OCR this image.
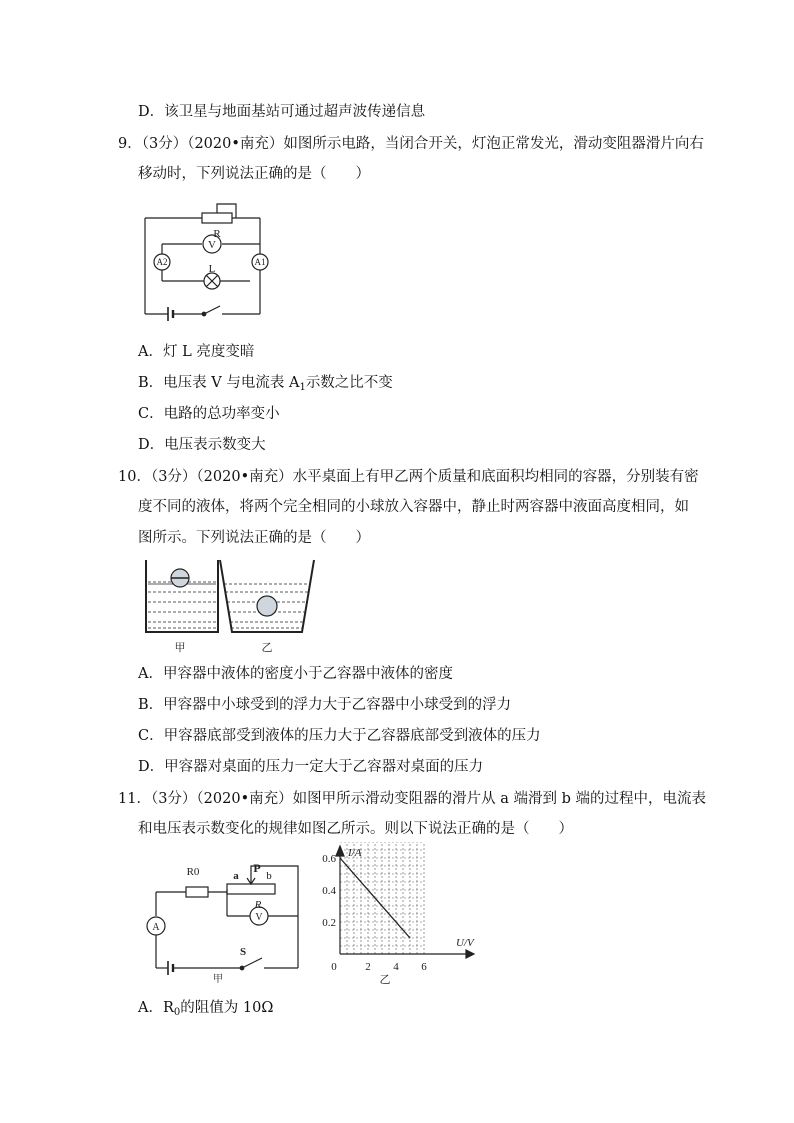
D．该卫星与地面基站可通过超声波传递信息
9．（3分）（2020•南充）如图所示电路，当闭合开关，灯泡正常发光，滑动变阻器滑片向右
移动时，下列说法正确的是（　　）
R
V
L
A2	A1
A．灯 L 亮度变暗
B．电压表 V 与电流表 $A_1$示数之比不变
C．电路的总功率变小
D．电压表示数变大
10．（3分）（2020•南充）水平桌面上有甲乙两个质量和底面积均相同的容器，分别装有密
度不同的液体，将两个完全相同的小球放入容器中，静止时两容器中液面高度相同，如
图所示。下列说法正确的是（　　）
甲	乙
A．甲容器中液体的密度小于乙容器中液体的密度
B．甲容器中小球受到的浮力大于乙容器中小球受到的浮力
C．甲容器底部受到液体的压力大于乙容器底部受到液体的压力
D．甲容器对桌面的压力一定大于乙容器对桌面的压力
11．（3分）（2020•南充）如图甲所示滑动变阻器的滑片从 a 端滑到 b 端的过程中，电流表
和电压表示数变化的规律如图乙所示。则以下说法正确的是（　　）
R0	P
a	b
R
V
A
S
甲
I/A
U/V
乙
0	2 4 6
0.2
0.4
0.6
A．$R_0$的阻值为 10Ω
